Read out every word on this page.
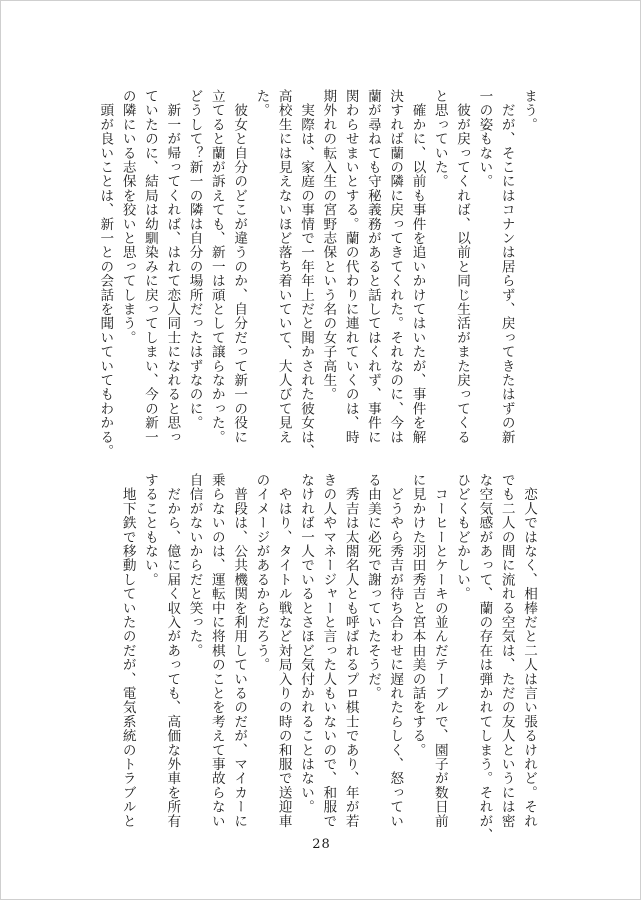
まう。

　だが、そこにはコナンは居らず、戻ってきたはずの新

一の姿もない。

　彼が戻ってくれば、以前と同じ生活がまた戻ってくる

と思っていた。

　確かに、以前も事件を追いかけてはいたが、事件を解

決すれば蘭の隣に戻ってきてくれた。それなのに、今は

蘭が尋ねても守秘義務があると話してはくれず、事件に

関わらせまいとする。蘭の代わりに連れていくのは、時

期外れの転入生の宮野志保という名の女子高生。

　実際は、家庭の事情で一年年上だと聞かされた彼女は、

高校生には見えないほど落ち着いていて、大人びて見え

た。

　彼女と自分のどこが違うのか、自分だって新一の役に

立てると蘭が訴えても、新一は頑として譲らなかった。

どうして？新一の隣は自分の場所だったはずなのに。

　新一が帰ってくれば、はれて恋人同士になれると思っ

ていたのに、結局は幼馴染みに戻ってしまい、今の新一

の隣にいる志保を狡いと思ってしまう。

　頭が良いことは、新一との会話を聞いていてもわかる。

　恋人ではなく、相棒だと二人は言い張るけれど。それ

でも二人の間に流れる空気は、ただの友人というには密

な空気感があって、蘭の存在は弾かれてしまう。それが、

ひどくもどかしい。

　コーヒーとケーキの並んだテーブルで、園子が数日前

に見かけた羽田秀吉と宮本由美の話をする。

　どうやら秀吉が待ち合わせに遅れたらしく、怒ってい

る由美に必死で謝っていたそうだ。

　秀吉は太閤名人とも呼ばれるプロ棋士であり、年が若

きの人やマネージャーと言った人もいないので、和服で

なければ一人でいるとさほど気付かれることはない。

　やはり、タイトル戦など対局入りの時の和服で送迎車

のイメージがあるからだろう。

　普段は、公共機関を利用しているのだが、マイカーに

乗らないのは、運転中に将棋のことを考えて事故らない

自信がないからだと笑った。

　だから、億に届く収入があっても、高価な外車を所有

することもない。

　地下鉄で移動していたのだが、電気系統のトラブルと

28
